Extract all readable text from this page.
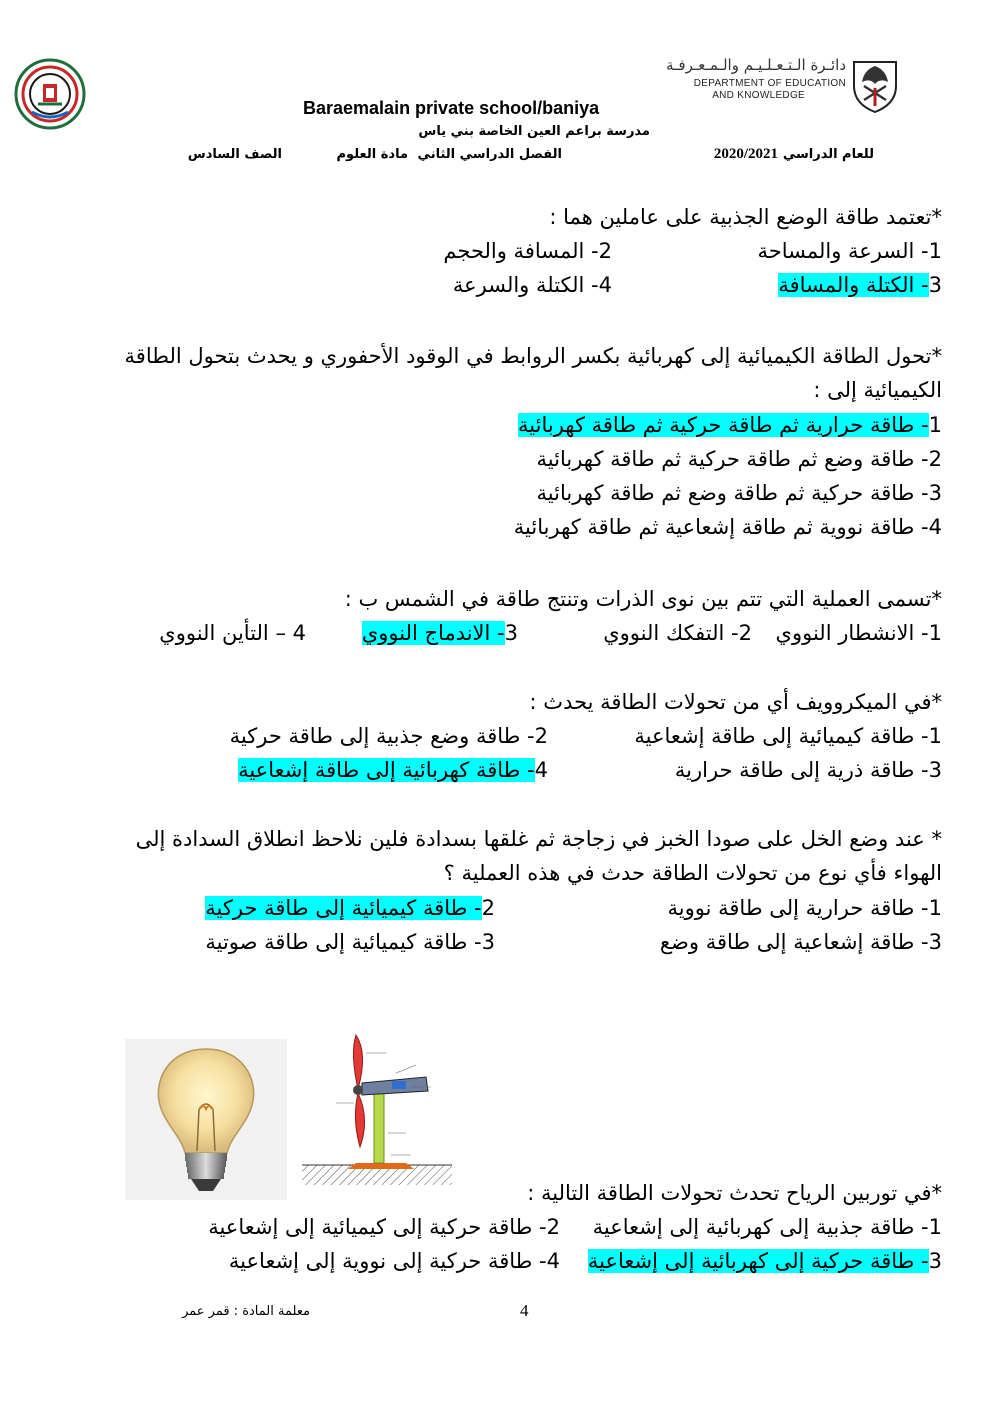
Baraemalain private school/baniya
مدرسة براعم العين الخاصة بني ياس
دائـرة الـتـعـلـيـم والـمـعـرفـة
DEPARTMENT OF EDUCATION
AND KNOWLEDGE
للعام الدراسي
2020/2021
الفصل الدراسي الثاني
مادة العلوم
الصف السادس
*تعتمد طاقة الوضع الجذبية على عاملين هما :
1- السرعة والمساحة
2- المسافة والحجم
3- الكتلة والمسافة
4- الكتلة والسرعة
*تحول الطاقة الكيميائية إلى كهربائية بكسر الروابط في الوقود الأحفوري و يحدث بتحول الطاقة
الكيميائية إلى :
1- طاقة حرارية ثم طاقة حركية ثم طاقة كهربائية
2- طاقة وضع ثم طاقة حركية ثم طاقة كهربائية
3- طاقة حركية ثم طاقة وضع ثم طاقة كهربائية
4- طاقة نووية ثم طاقة إشعاعية ثم طاقة كهربائية
*تسمى العملية التي تتم بين نوى الذرات وتنتج طاقة في الشمس ب :
1- الانشطار النووي
2- التفكك النووي
3- الاندماج النووي
4 – التأين النووي
*في الميكروويف أي من تحولات الطاقة يحدث :
1- طاقة كيميائية إلى طاقة إشعاعية
2- طاقة وضع جذبية إلى طاقة حركية
3- طاقة ذرية إلى طاقة حرارية
4- طاقة كهربائية إلى طاقة إشعاعية
* عند وضع الخل على صودا الخبز في زجاجة ثم غلقها بسدادة فلين نلاحظ انطلاق السدادة إلى
الهواء فأي نوع من تحولات الطاقة حدث في هذه العملية ؟
1- طاقة حرارية إلى طاقة نووية
2- طاقة كيميائية إلى طاقة حركية
3- طاقة إشعاعية إلى طاقة وضع
3- طاقة كيميائية إلى طاقة صوتية
*في توربين الرياح تحدث تحولات الطاقة التالية :
1- طاقة جذبية إلى كهربائية إلى إشعاعية
2- طاقة حركية إلى كيميائية إلى إشعاعية
3- طاقة حركية إلى كهربائية إلى إشعاعية
4- طاقة حركية إلى نووية إلى إشعاعية
4
معلمة المادة : قمر عمر
